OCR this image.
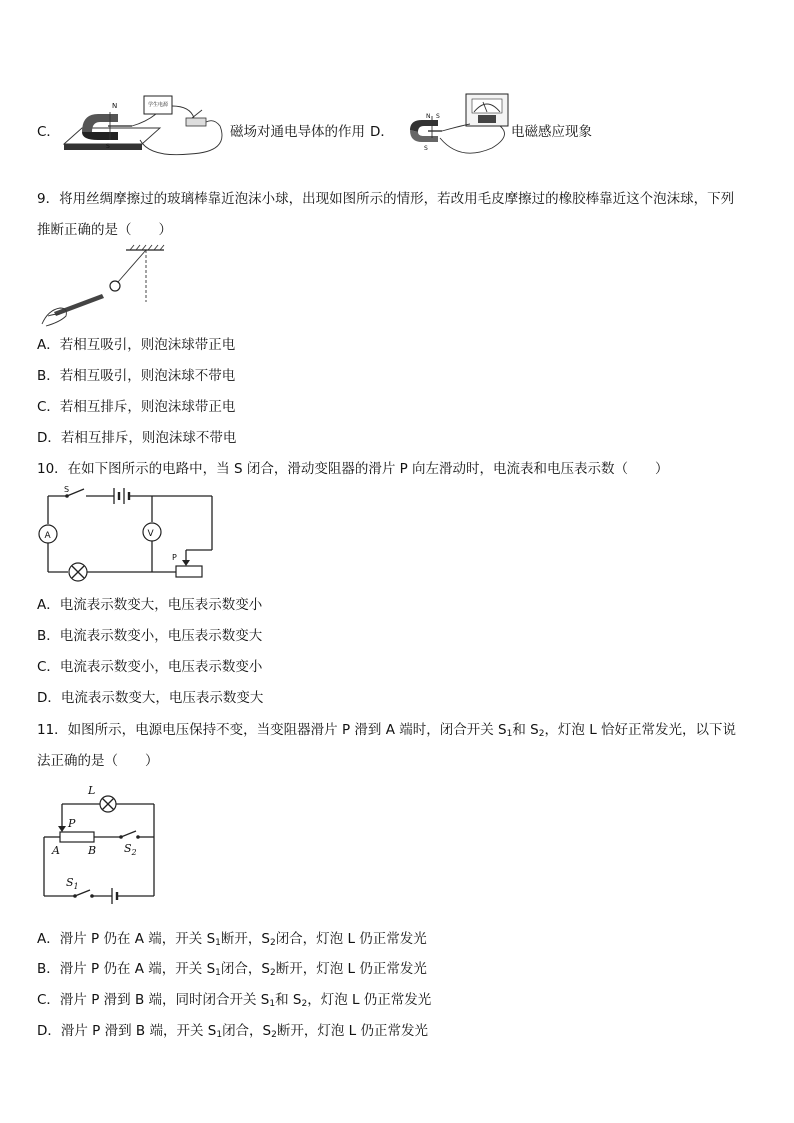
C．
N
S
学生电源
磁场对通电导体的作用 D．
N S
S
电磁感应现象
9．将用丝绸摩擦过的玻璃棒靠近泡沫小球，出现如图所示的情形，若改用毛皮摩擦过的橡胶棒靠近这个泡沫球，下列
推断正确的是（　　）
A．若相互吸引，则泡沫球带正电
B．若相互吸引，则泡沫球不带电
C．若相互排斥，则泡沫球带正电
D．若相互排斥，则泡沫球不带电
10．在如下图所示的电路中，当 S 闭合，滑动变阻器的滑片 P 向左滑动时，电流表和电压表示数（　　）
S
A	V
P
A．电流表示数变大，电压表示数变小
B．电流表示数变小，电压表示数变大
C．电流表示数变小，电压表示数变小
D．电流表示数变大，电压表示数变大
11．如图所示，电源电压保持不变，当变阻器滑片 P 滑到 A 端时，闭合开关 $S_1$和 $S_2$，灯泡 L 恰好正常发光，以下说
法正确的是（　　）
L
P
A	B	$S_2$
$S_1$
A．滑片 P 仍在 A 端，开关 $S_1$断开，$S_2$闭合，灯泡 L 仍正常发光
B．滑片 P 仍在 A 端，开关 $S_1$闭合，$S_2$断开，灯泡 L 仍正常发光
C．滑片 P 滑到 B 端，同时闭合开关 $S_1$和 $S_2$，灯泡 L 仍正常发光
D．滑片 P 滑到 B 端，开关 $S_1$闭合，$S_2$断开，灯泡 L 仍正常发光
